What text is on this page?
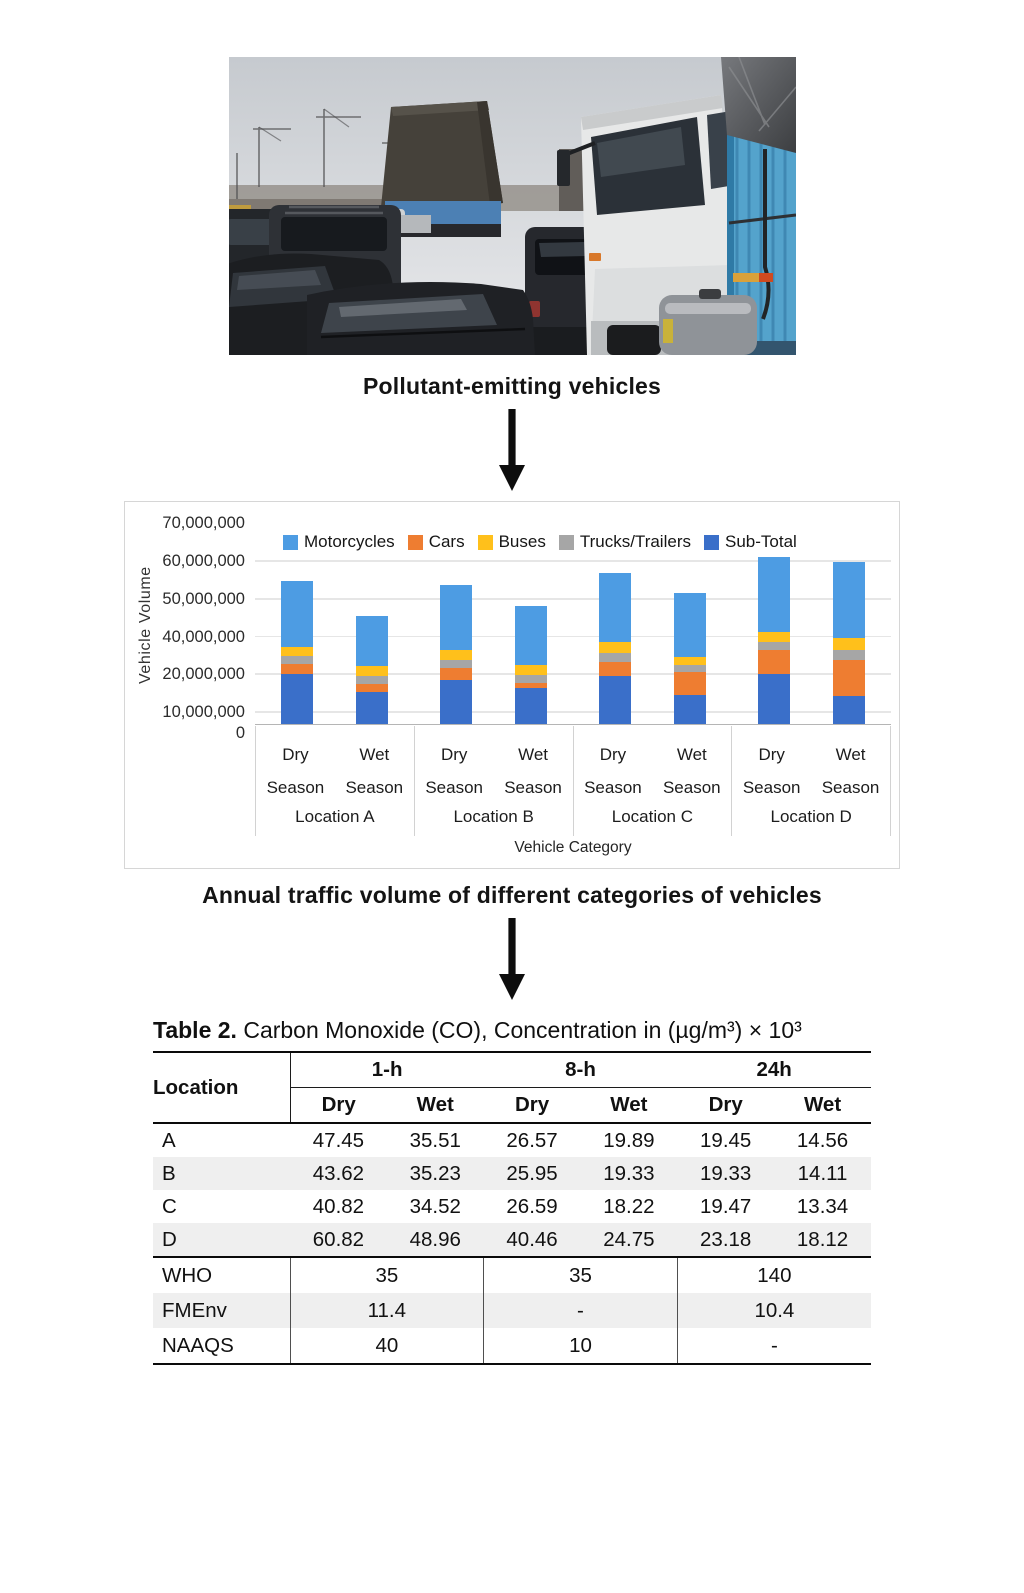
Pollutant-emitting vehicles
Vehicle Volume
70,000,000
60,000,000
50,000,000
40,000,000
20,000,000
10,000,000
0
Motorcycles Cars Buses Trucks/Trailers Sub-Total
Dry
Season
Wet
Season
Location A
Dry
Season
Wet
Season
Location B
Dry
Season
Wet
Season
Location C
Dry
Season
Wet
Season
Location D
Vehicle Category
Annual traffic volume of different categories of vehicles
Table 2. Carbon Monoxide (CO), Concentration in (µg/m³) × 10³
Location	1-h		8-h		24h	
	Dry	Wet	Dry	Wet	Dry	Wet
A	47.45	35.51	26.57	19.89	19.45	14.56
B	43.62	35.23	25.95	19.33	19.33	14.11
C	40.82	34.52	26.59	18.22	19.47	13.34
D	60.82	48.96	40.46	24.75	23.18	18.12
WHO	35		35		140	
FMEnv	11.4		-		10.4	
NAAQS	40		10		-	
